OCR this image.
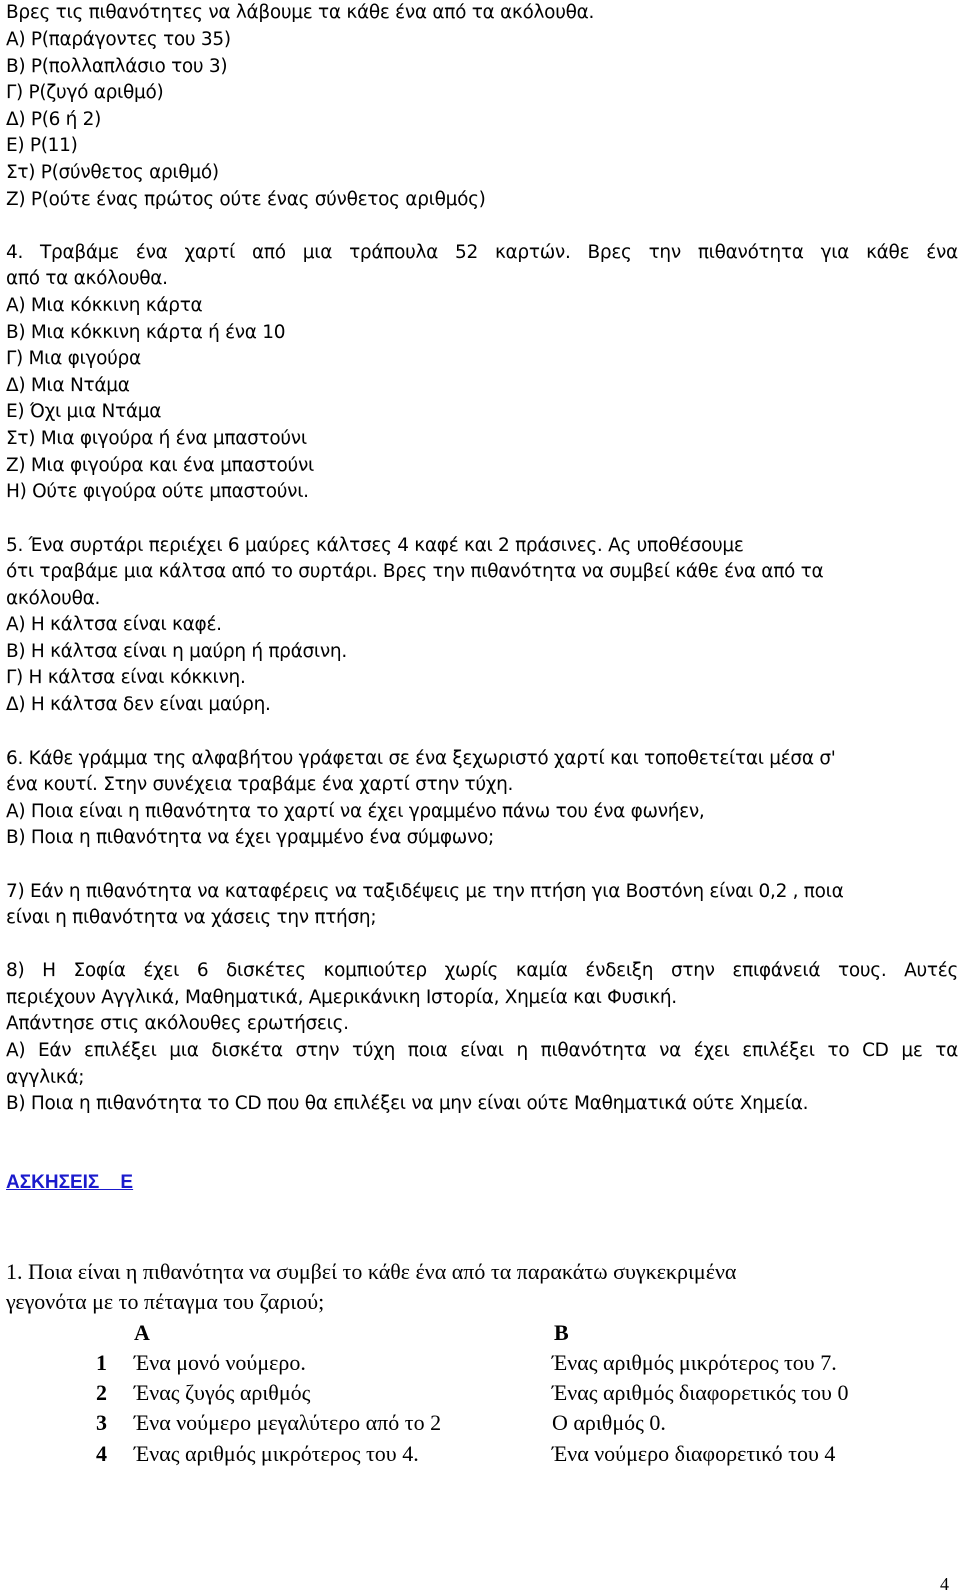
Βρες τις πιθανότητες να λάβουμε τα κάθε ένα από τα ακόλουθα.
Α) Ρ(παράγοντες του 35)
Β) Ρ(πολλαπλάσιο του 3)
Γ) Ρ(ζυγό αριθμό)
Δ) Ρ(6 ή 2)
Ε) Ρ(11)
Στ) Ρ(σύνθετος αριθμό)
Ζ) Ρ(ούτε ένας πρώτος ούτε ένας σύνθετος αριθμός)
4. Τραβάμε ένα χαρτί από μια τράπουλα 52 καρτών. Βρες την πιθανότητα για κάθε ένα
από τα ακόλουθα.
Α) Μια κόκκινη κάρτα
Β) Μια κόκκινη κάρτα ή ένα 10
Γ) Μια φιγούρα
Δ) Μια Ντάμα
Ε) Όχι μια Ντάμα
Στ) Μια φιγούρα ή ένα μπαστούνι
Ζ) Μια φιγούρα και ένα μπαστούνι
Η) Ούτε φιγούρα ούτε μπαστούνι.
5. Ένα συρτάρι περιέχει 6 μαύρες κάλτσες 4 καφέ και 2 πράσινες. Ας υποθέσουμε
ότι τραβάμε μια κάλτσα από το συρτάρι. Βρες την πιθανότητα να συμβεί κάθε ένα από τα
ακόλουθα.
Α) Η κάλτσα είναι καφέ.
Β) Η κάλτσα είναι η μαύρη ή πράσινη.
Γ) Η κάλτσα είναι κόκκινη.
Δ) Η κάλτσα δεν είναι μαύρη.
6. Κάθε γράμμα της αλφαβήτου γράφεται σε ένα ξεχωριστό χαρτί και τοποθετείται μέσα σ'
ένα κουτί. Στην συνέχεια τραβάμε ένα χαρτί στην τύχη.
Α) Ποια είναι η πιθανότητα το χαρτί να έχει γραμμένο πάνω του ένα φωνήεν,
Β) Ποια η πιθανότητα να έχει γραμμένο ένα σύμφωνο;
7) Εάν η πιθανότητα να καταφέρεις να ταξιδέψεις με την πτήση για Βοστόνη είναι 0,2 , ποια
είναι η πιθανότητα να χάσεις την πτήση;
8) Η Σοφία έχει 6 δισκέτες κομπιούτερ χωρίς καμία ένδειξη στην επιφάνειά τους. Αυτές
περιέχουν Αγγλικά, Μαθηματικά, Αμερικάνικη Ιστορία, Χημεία και Φυσική.
Απάντησε στις ακόλουθες ερωτήσεις.
Α) Εάν επιλέξει μια δισκέτα στην τύχη ποια είναι η πιθανότητα να έχει επιλέξει το CD με τα
αγγλικά;
Β) Ποια η πιθανότητα το CD που θα επιλέξει να μην είναι ούτε Μαθηματικά ούτε Χημεία.
ΑΣΚΗΣΕΙΣ    Ε
1. Ποια είναι η πιθανότητα να συμβεί το κάθε ένα από τα παρακάτω συγκεκριμένα
γεγονότα με το πέταγμα του ζαριού;
Α	Β
1 Ένα μονό νούμερο.	Ένας αριθμός μικρότερος του 7.
2 Ένας ζυγός αριθμός	Ένας αριθμός διαφορετικός του 0
3 Ένα νούμερο μεγαλύτερο από το 2	Ο αριθμός 0.
4 Ένας αριθμός μικρότερος του 4.	Ένα νούμερο διαφορετικό του 4
4
